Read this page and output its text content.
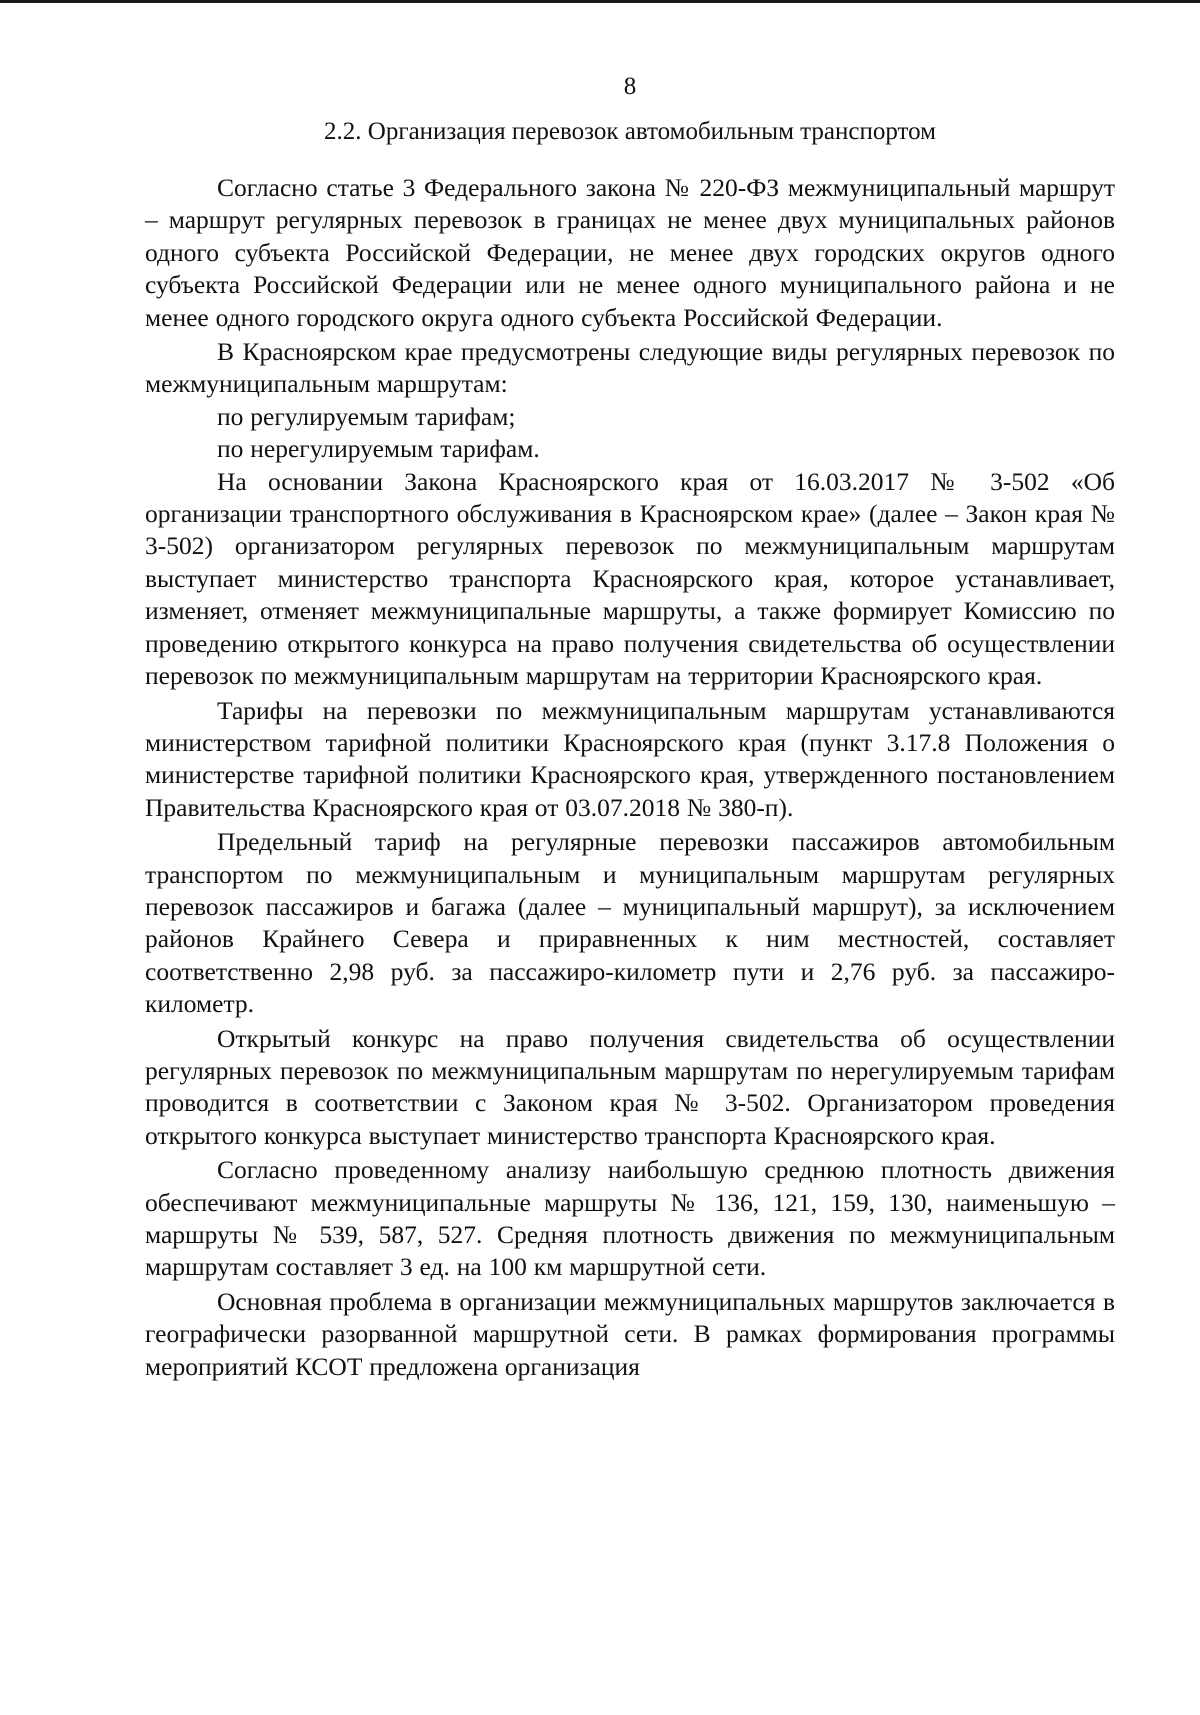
8
2.2. Организация перевозок автомобильным транспортом

Согласно статье 3 Федерального закона № 220-ФЗ межмуниципальный маршрут – маршрут регулярных перевозок в границах не менее двух муниципальных районов одного субъекта Российской Федерации, не менее двух городских округов одного субъекта Российской Федерации или не менее одного муниципального района и не менее одного городского округа одного субъекта Российской Федерации.

В Красноярском крае предусмотрены следующие виды регулярных перевозок по межмуниципальным маршрутам:

по регулируемым тарифам;

по нерегулируемым тарифам.

На основании Закона Красноярского края от 16.03.2017 № 3-502 «Об организации транспортного обслуживания в Красноярском крае» (далее – Закон края № 3-502) организатором регулярных перевозок по межмуниципальным маршрутам выступает министерство транспорта Красноярского края, которое устанавливает, изменяет, отменяет межмуниципальные маршруты, а также формирует Комиссию по проведению открытого конкурса на право получения свидетельства об осуществлении перевозок по межмуниципальным маршрутам на территории Красноярского края.

Тарифы на перевозки по межмуниципальным маршрутам устанавливаются министерством тарифной политики Красноярского края (пункт 3.17.8 Положения о министерстве тарифной политики Красноярского края, утвержденного постановлением Правительства Красноярского края от 03.07.2018 № 380-п).

Предельный тариф на регулярные перевозки пассажиров автомобильным транспортом по межмуниципальным и муниципальным маршрутам регулярных перевозок пассажиров и багажа (далее – муниципальный маршрут), за исключением районов Крайнего Севера и приравненных к ним местностей, составляет соответственно 2,98 руб. за пассажиро-километр пути и 2,76 руб. за пассажиро-километр.

Открытый конкурс на право получения свидетельства об осуществлении регулярных перевозок по межмуниципальным маршрутам по нерегулируемым тарифам проводится в соответствии с Законом края № 3-502. Организатором проведения открытого конкурса выступает министерство транспорта Красноярского края.

Согласно проведенному анализу наибольшую среднюю плотность движения обеспечивают межмуниципальные маршруты № 136, 121, 159, 130, наименьшую – маршруты № 539, 587, 527. Средняя плотность движения по межмуниципальным маршрутам составляет 3 ед. на 100 км маршрутной сети.

Основная проблема в организации межмуниципальных маршрутов заключается в географически разорванной маршрутной сети. В рамках формирования программы мероприятий КСОТ предложена организация
